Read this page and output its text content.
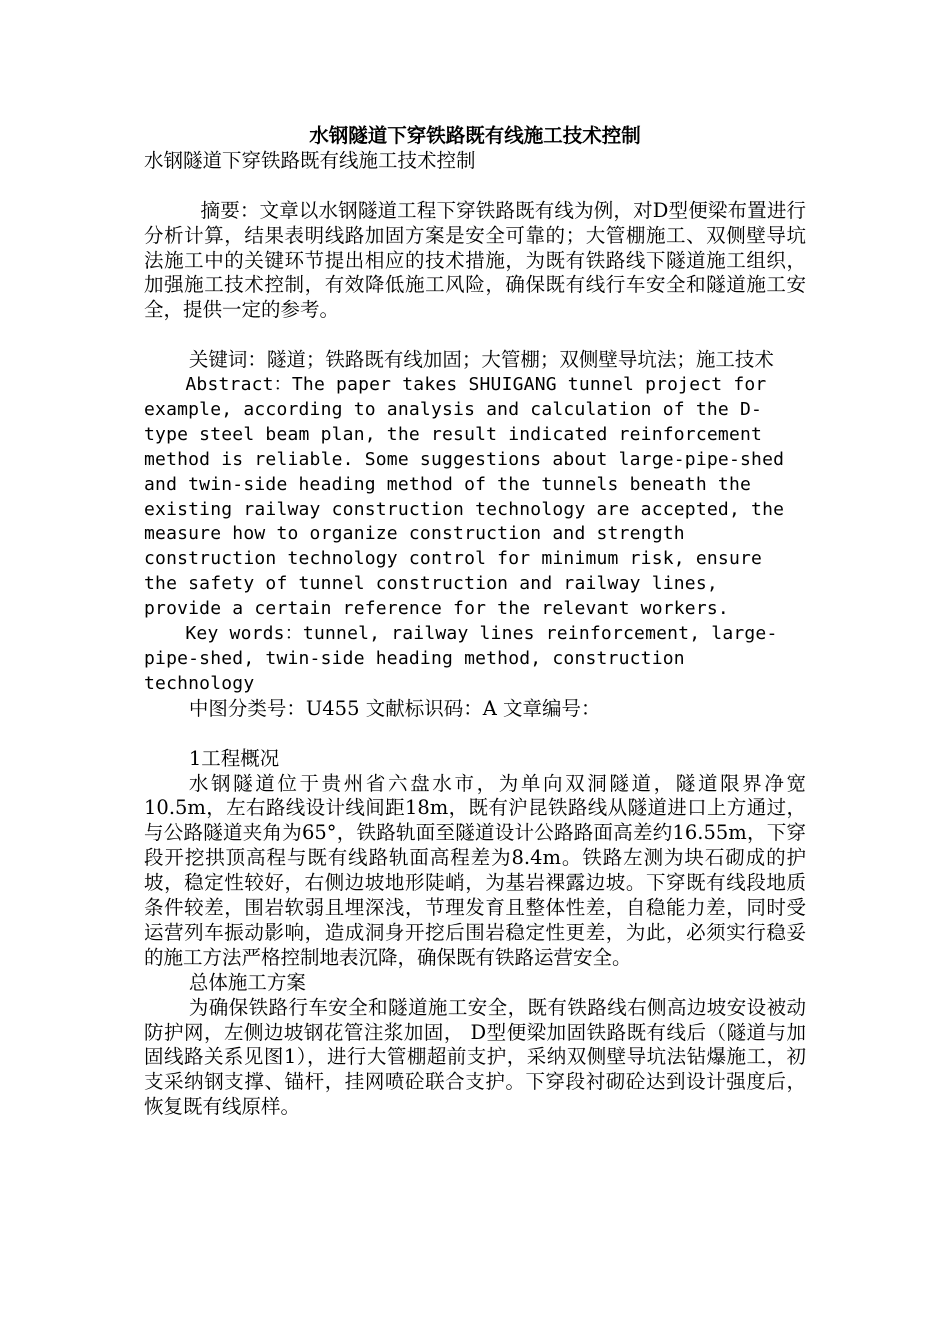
水钢隧道下穿铁路既有线施工技术控制

水钢隧道下穿铁路既有线施工技术控制

摘要：文章以水钢隧道工程下穿铁路既有线为例，对D型便梁布置进行分析计算，结果表明线路加固方案是安全可靠的；大管棚施工、双侧壁导坑法施工中的关键环节提出相应的技术措施，为既有铁路线下隧道施工组织，加强施工技术控制，有效降低施工风险，确保既有线行车安全和隧道施工安全，提供一定的参考。

关键词：隧道；铁路既有线加固；大管棚；双侧壁导坑法；施工技术

Abstract：The paper takes SHUIGANG tunnel project for example, according to analysis and calculation of the D-type steel beam plan, the result indicated reinforcement method is reliable. Some suggestions about large-pipe-shed and twin-side heading method of the tunnels beneath the existing railway construction technology are accepted, the measure how to organize construction and strength construction technology control for minimum risk, ensure the safety of tunnel construction and railway lines, provide a certain reference for the relevant workers.

Key words：tunnel, railway lines reinforcement, large-pipe-shed, twin-side heading method, construction technology

中图分类号：U455 文献标识码：A 文章编号：

1工程概况

水钢隧道位于贵州省六盘水市，为单向双洞隧道，隧道限界净宽10.5m，左右路线设计线间距18m，既有沪昆铁路线从隧道进口上方通过，与公路隧道夹角为65°，铁路轨面至隧道设计公路路面高差约16.55m，下穿段开挖拱顶高程与既有线路轨面高程差为8.4m。铁路左测为块石砌成的护坡，稳定性较好，右侧边坡地形陡峭，为基岩裸露边坡。下穿既有线段地质条件较差，围岩软弱且埋深浅，节理发育且整体性差，自稳能力差，同时受运营列车振动影响，造成洞身开挖后围岩稳定性更差，为此，必须实行稳妥的施工方法严格控制地表沉降，确保既有铁路运营安全。

总体施工方案

为确保铁路行车安全和隧道施工安全，既有铁路线右侧高边坡安设被动防护网，左侧边坡钢花管注浆加固， D型便梁加固铁路既有线后（隧道与加固线路关系见图1），进行大管棚超前支护，采纳双侧壁导坑法钻爆施工，初支采纳钢支撑、锚杆，挂网喷砼联合支护。下穿段衬砌砼达到设计强度后，恢复既有线原样。
